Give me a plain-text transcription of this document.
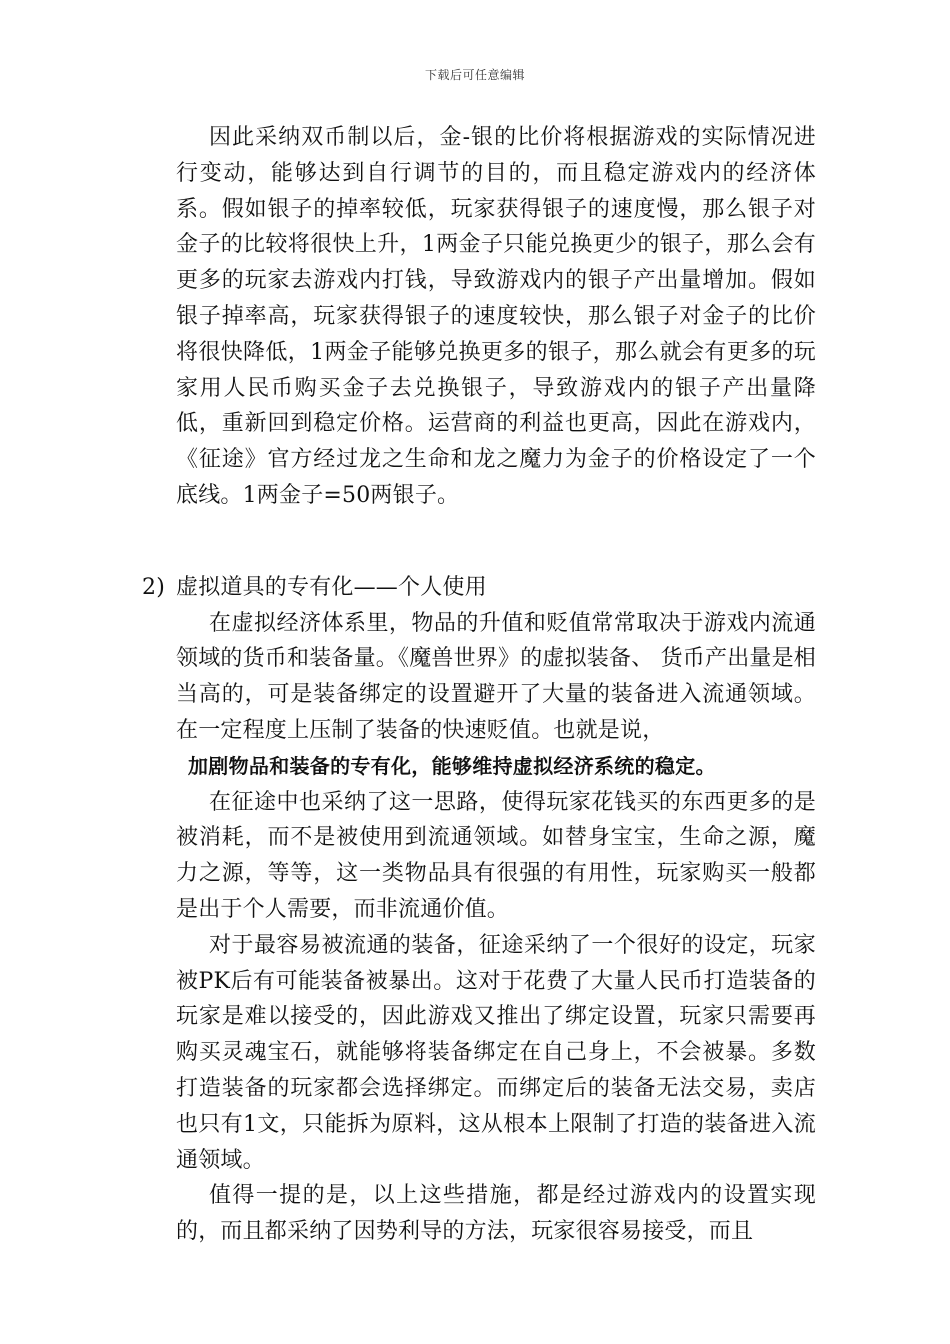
下载后可任意编辑

因此采纳双币制以后，金-银的比价将根据游戏的实际情况进行变动，能够达到自行调节的目的，而且稳定游戏内的经济体系。假如银子的掉率较低，玩家获得银子的速度慢，那么银子对金子的比较将很快上升，1两金子只能兑换更少的银子，那么会有更多的玩家去游戏内打钱，导致游戏内的银子产出量增加。假如银子掉率高，玩家获得银子的速度较快，那么银子对金子的比价将很快降低，1两金子能够兑换更多的银子，那么就会有更多的玩家用人民币购买金子去兑换银子，导致游戏内的银子产出量降低，重新回到稳定价格。运营商的利益也更高，因此在游戏内，《征途》官方经过龙之生命和龙之魔力为金子的价格设定了一个底线。1两金子=50两银子。

2) 虚拟道具的专有化——个人使用

在虚拟经济体系里，物品的升值和贬值常常取决于游戏内流通领域的货币和装备量。《魔兽世界》的虚拟装备、 货币产出量是相当高的，可是装备绑定的设置避开了大量的装备进入流通领域。在一定程度上压制了装备的快速贬值。也就是说，

加剧物品和装备的专有化，能够维持虚拟经济系统的稳定。

在征途中也采纳了这一思路，使得玩家花钱买的东西更多的是被消耗，而不是被使用到流通领域。如替身宝宝，生命之源，魔力之源，等等，这一类物品具有很强的有用性，玩家购买一般都是出于个人需要，而非流通价值。

对于最容易被流通的装备，征途采纳了一个很好的设定，玩家被PK后有可能装备被暴出。这对于花费了大量人民币打造装备的玩家是难以接受的，因此游戏又推出了绑定设置，玩家只需要再购买灵魂宝石，就能够将装备绑定在自己身上，不会被暴。多数打造装备的玩家都会选择绑定。而绑定后的装备无法交易，卖店也只有1文，只能拆为原料，这从根本上限制了打造的装备进入流通领域。

值得一提的是，以上这些措施，都是经过游戏内的设置实现的，而且都采纳了因势利导的方法，玩家很容易接受，而且
